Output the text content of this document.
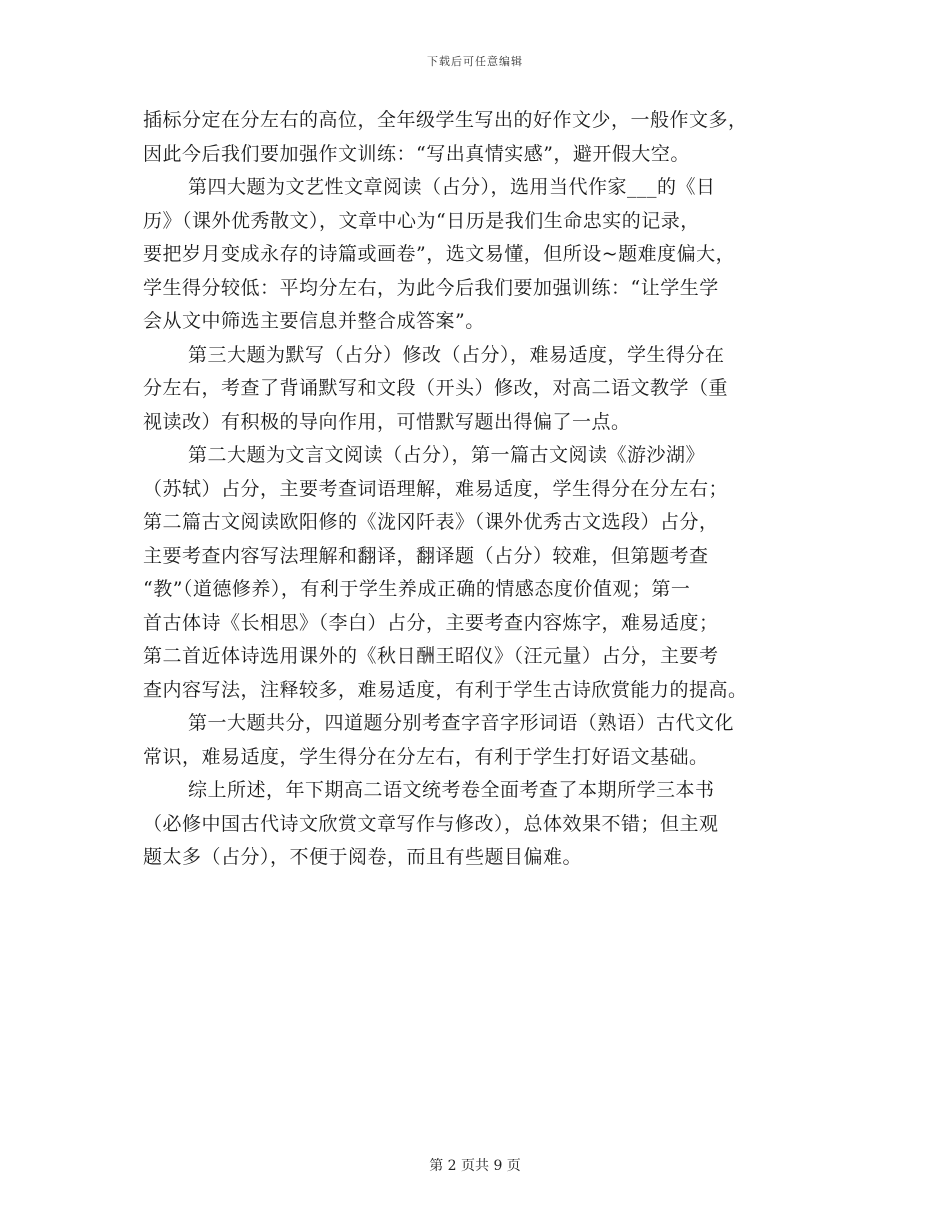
下载后可任意编辑
插标分定在分左右的高位，全年级学生写出的好作文少，一般作文多，
因此今后我们要加强作文训练：“写出真情实感”，避开假大空。
第四大题为文艺性文章阅读（占分），选用当代作家___的《日
历》（课外优秀散文），文章中心为“日历是我们生命忠实的记录，
要把岁月变成永存的诗篇或画卷”，选文易懂，但所设~题难度偏大，
学生得分较低：平均分左右，为此今后我们要加强训练：“让学生学
会从文中筛选主要信息并整合成答案”。
第三大题为默写（占分）修改（占分），难易适度，学生得分在
分左右，考查了背诵默写和文段（开头）修改，对高二语文教学（重
视读改）有积极的导向作用，可惜默写题出得偏了一点。
第二大题为文言文阅读（占分），第一篇古文阅读《游沙湖》
（苏轼）占分，主要考查词语理解，难易适度，学生得分在分左右；
第二篇古文阅读欧阳修的《泷冈阡表》（课外优秀古文选段）占分，
主要考查内容写法理解和翻译，翻译题（占分）较难，但第题考查
“教”（道德修养），有利于学生养成正确的情感态度价值观；第一
首古体诗《长相思》（李白）占分，主要考查内容炼字，难易适度；
第二首近体诗选用课外的《秋日酬王昭仪》（汪元量）占分，主要考
查内容写法，注释较多，难易适度，有利于学生古诗欣赏能力的提高。
第一大题共分，四道题分别考查字音字形词语（熟语）古代文化
常识，难易适度，学生得分在分左右，有利于学生打好语文基础。
综上所述，年下期高二语文统考卷全面考查了本期所学三本书
（必修中国古代诗文欣赏文章写作与修改），总体效果不错；但主观
题太多（占分），不便于阅卷，而且有些题目偏难。
第 2 页共 9 页
